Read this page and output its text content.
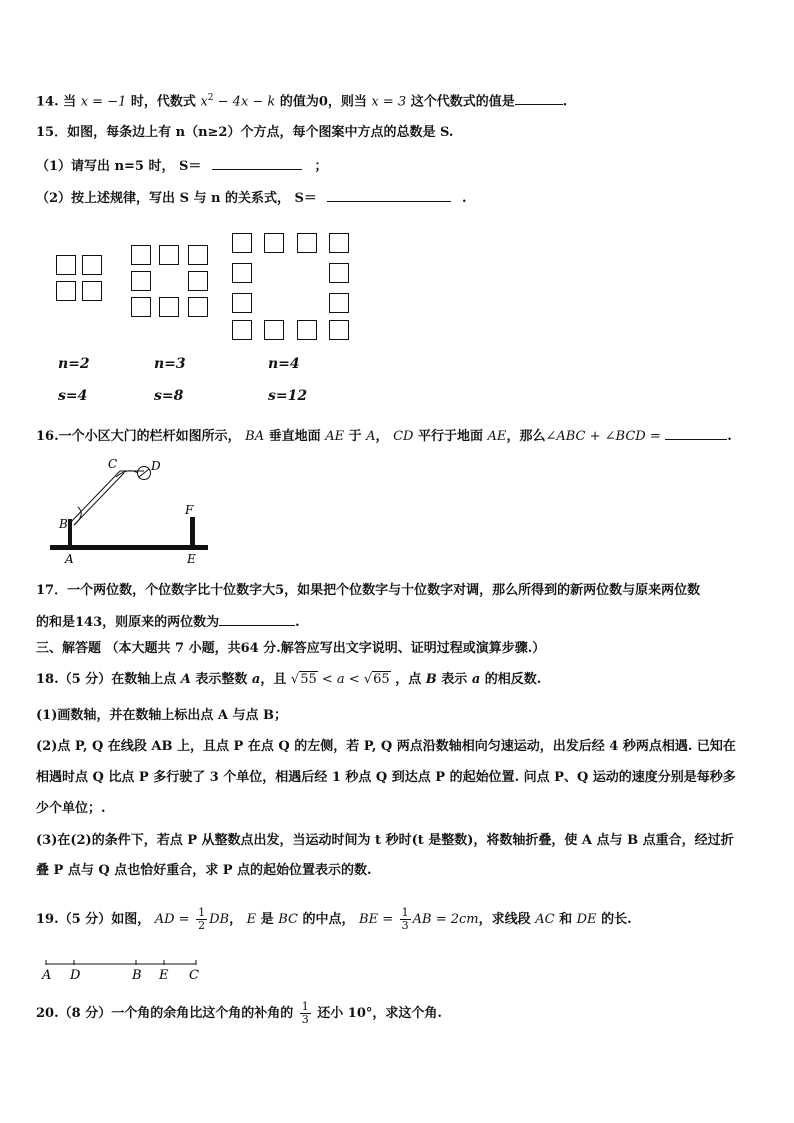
14. 当 x = −1 时，代数式 $x^2 - 4x - k$ 的值为0，则当 x = 3 这个代数式的值是	.
15．如图，每条边上有 n（n≥2）个方点，每个图案中方点的总数是 S.
（1）请写出 n=5 时， S＝	；
（2）按上述规律，写出 S 与 n 的关系式， S＝	.
n=2	n=3	n=4
s=4	s=8	s=12
16.一个小区大门的栏杆如图所示， BA 垂直地面 AE 于 A， CD 平行于地面 AE，那么∠ABC + ∠BCD =	.
C	D
B
F
A	E
17．一个两位数，个位数字比十位数字大5，如果把个位数字与十位数字对调，那么所得到的新两位数与原来两位数
的和是143，则原来的两位数为	.
三、解答题 （本大题共 7 小题，共64 分.解答应写出文字说明、证明过程或演算步骤.）
18.（5 分）在数轴上点 A 表示整数 a，且 √55 < a < √65 ，点 B 表示 a 的相反数.
(1)画数轴，并在数轴上标出点 A 与点 B；
(2)点 P, Q 在线段 AB 上，且点 P 在点 Q 的左侧，若 P, Q 两点沿数轴相向匀速运动，出发后经 4 秒两点相遇. 已知在
相遇时点 Q 比点 P 多行驶了 3 个单位，相遇后经 1 秒点 Q 到达点 P 的起始位置. 问点 P、Q 运动的速度分别是每秒多
少个单位；.
(3)在(2)的条件下，若点 P 从整数点出发，当运动时间为 t 秒时(t 是整数)，将数轴折叠，使 A 点与 B 点重合，经过折
叠 P 点与 Q 点也恰好重合，求 P 点的起始位置表示的数.
19.（5 分）如图， AD = $\frac{1}{2}$ DB， E 是 BC 的中点， BE = $\frac{1}{3}$ AB = 2cm，求线段 AC 和 DE 的长.
A D	B E C
20.（8 分）一个角的余角比这个角的补角的 $\frac{1}{3}$ 还小 10°，求这个角.
